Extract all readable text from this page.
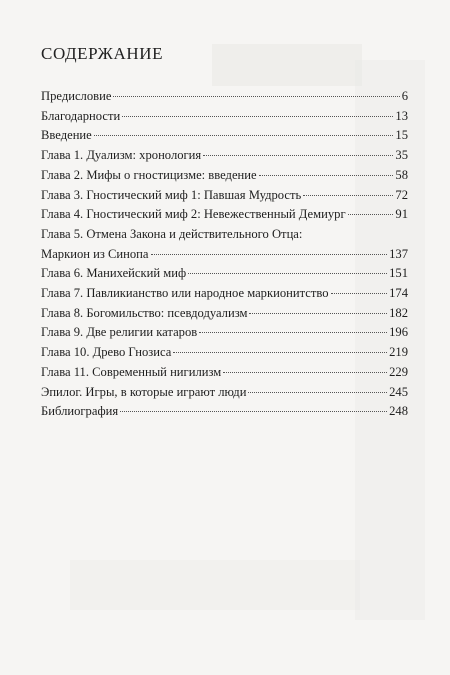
СОДЕРЖАНИЕ
Предисловие	6
Благодарности	13
Введение	15
Глава 1. Дуализм: хронология	35
Глава 2. Мифы о гностицизме: введение	58
Глава 3. Гностический миф 1: Павшая Мудрость	72
Глава 4. Гностический миф 2: Невежественный Демиург	91
Глава 5. Отмена Закона и действительного Отца:
Маркион из Синопа	137
Глава 6. Манихейский миф	151
Глава 7. Павликианство или народное маркионитство	174
Глава 8. Богомильство: псевдодуализм	182
Глава 9. Две религии катаров	196
Глава 10. Древо Гнозиса	219
Глава 11. Современный нигилизм	229
Эпилог. Игры, в которые играют люди	245
Библиография	248
